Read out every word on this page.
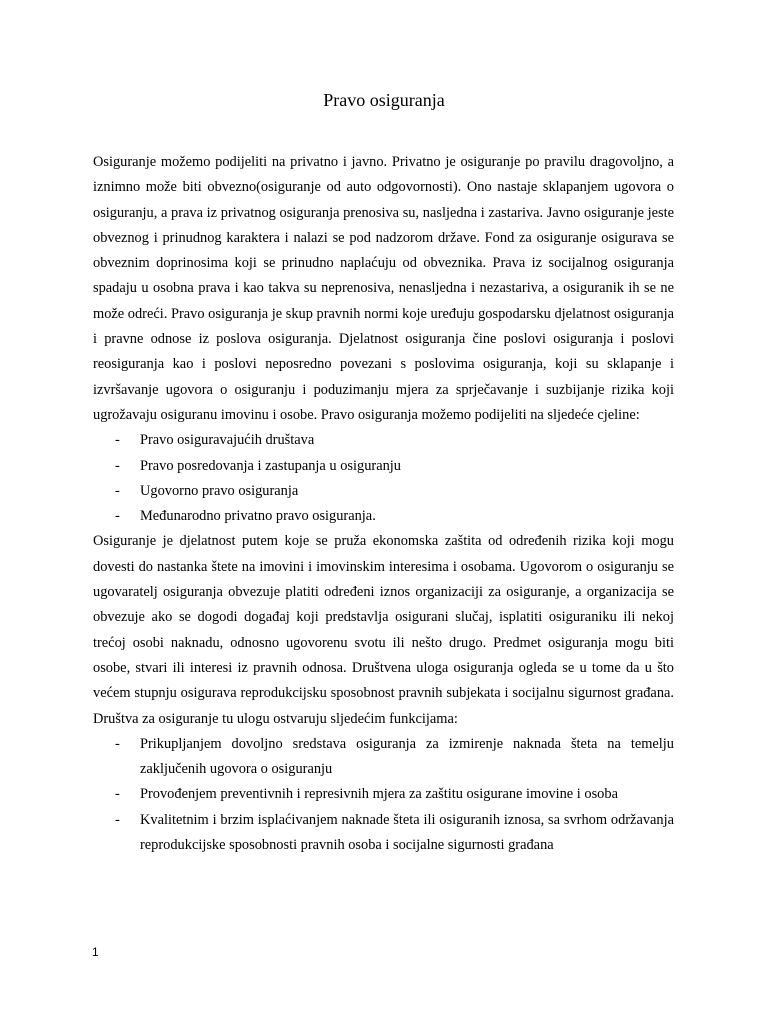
Pravo osiguranja

Osiguranje možemo podijeliti na privatno i javno. Privatno je osiguranje po pravilu dragovoljno, a iznimno može biti obvezno(osiguranje od auto odgovornosti). Ono nastaje sklapanjem ugovora o osiguranju, a prava iz privatnog osiguranja prenosiva su, nasljedna i zastariva. Javno osiguranje jeste obveznog i prinudnog karaktera i nalazi se pod nadzorom države. Fond za osiguranje osigurava se obveznim doprinosima koji se prinudno naplaćuju od obveznika. Prava iz socijalnog osiguranja spadaju u osobna prava i kao takva su neprenosiva, nenasljedna i nezastariva, a osiguranik ih se ne može odreći. Pravo osiguranja je skup pravnih normi koje uređuju gospodarsku djelatnost osiguranja i pravne odnose iz poslova osiguranja. Djelatnost osiguranja čine poslovi osiguranja i poslovi reosiguranja kao i poslovi neposredno povezani s poslovima osiguranja, koji su sklapanje i izvršavanje ugovora o osiguranju i poduzimanju mjera za sprječavanje i suzbijanje rizika koji ugrožavaju osiguranu imovinu i osobe. Pravo osiguranja možemo podijeliti na sljedeće cjeline:

- Pravo osiguravajućih društava
- Pravo posredovanja i zastupanja u osiguranju
- Ugovorno pravo osiguranja
- Međunarodno privatno pravo osiguranja.

Osiguranje je djelatnost putem koje se pruža ekonomska zaštita od određenih rizika koji mogu dovesti do nastanka štete na imovini i imovinskim interesima i osobama. Ugovorom o osiguranju se ugovaratelj osiguranja obvezuje platiti određeni iznos organizaciji za osiguranje, a organizacija se obvezuje ako se dogodi događaj koji predstavlja osigurani slučaj, isplatiti osiguraniku ili nekoj trećoj osobi naknadu, odnosno ugovorenu svotu ili nešto drugo. Predmet osiguranja mogu biti osobe, stvari ili interesi iz pravnih odnosa. Društvena uloga osiguranja ogleda se u tome da u što većem stupnju osigurava reprodukcijsku sposobnost pravnih subjekata i socijalnu sigurnost građana. Društva za osiguranje tu ulogu ostvaruju sljedećim funkcijama:

- Prikupljanjem dovoljno sredstava osiguranja za izmirenje naknada šteta na temelju zaključenih ugovora o osiguranju
- Provođenjem preventivnih i represivnih mjera za zaštitu osigurane imovine i osoba
- Kvalitetnim i brzim isplaćivanjem naknade šteta ili osiguranih iznosa, sa svrhom održavanja reprodukcijske sposobnosti pravnih osoba i socijalne sigurnosti građana
1
